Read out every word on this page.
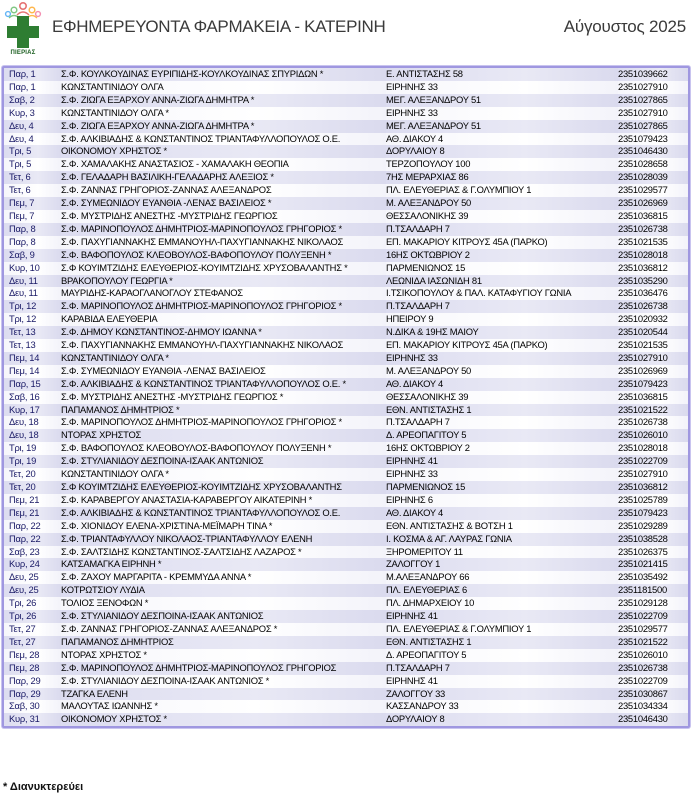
ΠΙΕΡΙΑΣ
ΕΦΗΜΕΡΕΥΟΝΤΑ ΦΑΡΜΑΚΕΙΑ - ΚΑΤΕΡΙΝΗ	Αύγουστος 2025
Παρ, 1	Σ.Φ. ΚΟΥΛΚΟΥΔΙΝΑΣ ΕΥΡΙΠΙΔΗΣ-ΚΟΥΛΚΟΥΔΙΝΑΣ ΣΠΥΡΙΔΩΝ *	Ε. ΑΝΤΙΣΤΑΣΗΣ 58	2351039662
Παρ, 1	ΚΩΝΣΤΑΝΤΙΝΙΔΟΥ ΟΛΓΑ	ΕΙΡΗΝΗΣ 33	2351027910
Σαβ, 2	Σ.Φ. ΖΙΩΓΑ ΕΞΑΡΧΟΥ ΑΝΝΑ-ΖΙΩΓΑ ΔΗΜΗΤΡΑ *	ΜΕΓ. ΑΛΕΞΑΝΔΡΟΥ 51	2351027865
Κυρ, 3	ΚΩΝΣΤΑΝΤΙΝΙΔΟΥ ΟΛΓΑ *	ΕΙΡΗΝΗΣ 33	2351027910
Δευ, 4	Σ.Φ. ΖΙΩΓΑ ΕΞΑΡΧΟΥ ΑΝΝΑ-ΖΙΩΓΑ ΔΗΜΗΤΡΑ *	ΜΕΓ. ΑΛΕΞΑΝΔΡΟΥ 51	2351027865
Δευ, 4	Σ.Φ. ΑΛΚΙΒΙΑΔΗΣ & ΚΩΝΣΤΑΝΤΙΝΟΣ ΤΡΙΑΝΤΑΦΥΛΛΟΠΟΥΛΟΣ Ο.Ε.	ΑΘ. ΔΙΑΚΟΥ 4	2351079423
Τρι, 5	ΟΙΚΟΝΟΜΟΥ ΧΡΗΣΤΟΣ *	ΔΟΡΥΛΑΙΟΥ 8	2351046430
Τρι, 5	Σ.Φ. ΧΑΜΑΛΑΚΗΣ ΑΝΑΣΤΑΣΙΟΣ - ΧΑΜΑΛΑΚΗ ΘΕΟΠΙΑ	ΤΕΡΖΟΠΟΥΛΟΥ 100	2351028658
Τετ, 6	Σ.Φ. ΓΕΛΑΔΑΡΗ ΒΑΣΙΛΙΚΗ-ΓΕΛΑΔΑΡΗΣ ΑΛΕΞΙΟΣ *	7ΗΣ ΜΕΡΑΡΧΙΑΣ 86	2351028039
Τετ, 6	Σ.Φ. ΖΑΝΝΑΣ ΓΡΗΓΟΡΙΟΣ-ΖΑΝΝΑΣ ΑΛΕΞΑΝΔΡΟΣ	ΠΛ. ΕΛΕΥΘΕΡΙΑΣ & Γ.ΟΛΥΜΠΙΟΥ 1	2351029577
Πεμ, 7	Σ.Φ. ΣΥΜΕΩΝΙΔΟΥ ΕΥΑΝΘΙΑ -ΛΕΝΑΣ ΒΑΣΙΛΕΙΟΣ *	Μ. ΑΛΕΞΑΝΔΡΟΥ 50	2351026969
Πεμ, 7	Σ.Φ. ΜΥΣΤΡΙΔΗΣ ΑΝΕΣΤΗΣ -ΜΥΣΤΡΙΔΗΣ ΓΕΩΡΓΙΟΣ	ΘΕΣΣΑΛΟΝΙΚΗΣ 39	2351036815
Παρ, 8	Σ.Φ. ΜΑΡΙΝΟΠΟΥΛΟΣ ΔΗΜΗΤΡΙΟΣ-ΜΑΡΙΝΟΠΟΥΛΟΣ ΓΡΗΓΟΡΙΟΣ *	Π.ΤΣΑΛΔΑΡΗ 7	2351026738
Παρ, 8	Σ.Φ. ΠΑΧΥΓΙΑΝΝΑΚΗΣ ΕΜΜΑΝΟΥΗΛ-ΠΑΧΥΓΙΑΝΝΑΚΗΣ ΝΙΚΟΛΑΟΣ	ΕΠ. ΜΑΚΑΡΙΟΥ ΚΙΤΡΟΥΣ 45Α (ΠΑΡΚΟ)	2351021535
Σαβ, 9	Σ.Φ. ΒΑΦΟΠΟΥΛΟΣ ΚΛΕΟΒΟΥΛΟΣ-ΒΑΦΟΠΟΥΛΟΥ ΠΟΛΥΞΕΝΗ *	16ΗΣ ΟΚΤΩΒΡΙΟΥ 2	2351028018
Κυρ, 10	Σ.Φ ΚΟΥΙΜΤΖΙΔΗΣ ΕΛΕΥΘΕΡΙΟΣ-ΚΟΥΙΜΤΖΙΔΗΣ ΧΡΥΣΟΒΑΛΑΝΤΗΣ *	ΠΑΡΜΕΝΙΩΝΟΣ 15	2351036812
Δευ, 11	ΒΡΑΚΟΠΟΥΛΟΥ ΓΕΩΡΓΙΑ *	ΛΕΩΝΙΔΑ ΙΑΣΩΝΙΔΗ 81	2351035290
Δευ, 11	ΜΑΥΡΙΔΗΣ-ΚΑΡΑΟΓΛΑΝΟΓΛΟΥ ΣΤΕΦΑΝΟΣ	Ι.ΤΣΙΚΟΠΟΥΛΟΥ & ΠΑΛ. ΚΑΤΑΦΥΓΙΟΥ ΓΩΝΙΑ	2351036476
Τρι, 12	Σ.Φ. ΜΑΡΙΝΟΠΟΥΛΟΣ ΔΗΜΗΤΡΙΟΣ-ΜΑΡΙΝΟΠΟΥΛΟΣ ΓΡΗΓΟΡΙΟΣ *	Π.ΤΣΑΛΔΑΡΗ 7	2351026738
Τρι, 12	ΚΑΡΑΒΙΔΑ ΕΛΕΥΘΕΡΙΑ	ΗΠΕΙΡΟΥ 9	2351020932
Τετ, 13	Σ.Φ. ΔΗΜΟΥ ΚΩΝΣΤΑΝΤΙΝΟΣ-ΔΗΜΟΥ ΙΩΑΝΝΑ *	Ν.ΔΙΚΑ & 19ΗΣ ΜΑΙΟΥ	2351020544
Τετ, 13	Σ.Φ. ΠΑΧΥΓΙΑΝΝΑΚΗΣ ΕΜΜΑΝΟΥΗΛ-ΠΑΧΥΓΙΑΝΝΑΚΗΣ ΝΙΚΟΛΑΟΣ	ΕΠ. ΜΑΚΑΡΙΟΥ ΚΙΤΡΟΥΣ 45Α (ΠΑΡΚΟ)	2351021535
Πεμ, 14	ΚΩΝΣΤΑΝΤΙΝΙΔΟΥ ΟΛΓΑ *	ΕΙΡΗΝΗΣ 33	2351027910
Πεμ, 14	Σ.Φ. ΣΥΜΕΩΝΙΔΟΥ ΕΥΑΝΘΙΑ -ΛΕΝΑΣ ΒΑΣΙΛΕΙΟΣ	Μ. ΑΛΕΞΑΝΔΡΟΥ 50	2351026969
Παρ, 15	Σ.Φ. ΑΛΚΙΒΙΑΔΗΣ & ΚΩΝΣΤΑΝΤΙΝΟΣ ΤΡΙΑΝΤΑΦΥΛΛΟΠΟΥΛΟΣ Ο.Ε. *	ΑΘ. ΔΙΑΚΟΥ 4	2351079423
Σαβ, 16	Σ.Φ. ΜΥΣΤΡΙΔΗΣ ΑΝΕΣΤΗΣ -ΜΥΣΤΡΙΔΗΣ ΓΕΩΡΓΙΟΣ *	ΘΕΣΣΑΛΟΝΙΚΗΣ 39	2351036815
Κυρ, 17	ΠΑΠΑΜΑΝΟΣ ΔΗΜΗΤΡΙΟΣ *	ΕΘΝ. ΑΝΤΙΣΤΑΣΗΣ 1	2351021522
Δευ, 18	Σ.Φ. ΜΑΡΙΝΟΠΟΥΛΟΣ ΔΗΜΗΤΡΙΟΣ-ΜΑΡΙΝΟΠΟΥΛΟΣ ΓΡΗΓΟΡΙΟΣ *	Π.ΤΣΑΛΔΑΡΗ 7	2351026738
Δευ, 18	ΝΤΟΡΑΣ ΧΡΗΣΤΟΣ	Δ. ΑΡΕΟΠΑΓΙΤΟΥ 5	2351026010
Τρι, 19	Σ.Φ. ΒΑΦΟΠΟΥΛΟΣ ΚΛΕΟΒΟΥΛΟΣ-ΒΑΦΟΠΟΥΛΟΥ ΠΟΛΥΞΕΝΗ *	16ΗΣ ΟΚΤΩΒΡΙΟΥ 2	2351028018
Τρι, 19	Σ.Φ. ΣΤΥΛΙΑΝΙΔΟΥ ΔΕΣΠΟΙΝΑ-ΙΣΑΑΚ ΑΝΤΩΝΙΟΣ	ΕΙΡΗΝΗΣ 41	2351022709
Τετ, 20	ΚΩΝΣΤΑΝΤΙΝΙΔΟΥ ΟΛΓΑ *	ΕΙΡΗΝΗΣ 33	2351027910
Τετ, 20	Σ.Φ ΚΟΥΙΜΤΖΙΔΗΣ ΕΛΕΥΘΕΡΙΟΣ-ΚΟΥΙΜΤΖΙΔΗΣ ΧΡΥΣΟΒΑΛΑΝΤΗΣ	ΠΑΡΜΕΝΙΩΝΟΣ 15	2351036812
Πεμ, 21	Σ.Φ. ΚΑΡΑΒΕΡΓΟΥ ΑΝΑΣΤΑΣΙΑ-ΚΑΡΑΒΕΡΓΟΥ ΑΙΚΑΤΕΡΙΝΗ *	ΕΙΡΗΝΗΣ 6	2351025789
Πεμ, 21	Σ.Φ. ΑΛΚΙΒΙΑΔΗΣ & ΚΩΝΣΤΑΝΤΙΝΟΣ ΤΡΙΑΝΤΑΦΥΛΛΟΠΟΥΛΟΣ Ο.Ε.	ΑΘ. ΔΙΑΚΟΥ 4	2351079423
Παρ, 22	Σ.Φ. ΧΙΟΝΙΔΟΥ ΕΛΕΝΑ-ΧΡΙΣΤΙΝΑ-ΜΕΪΜΑΡΗ ΤΙΝΑ *	ΕΘΝ. ΑΝΤΙΣΤΑΣΗΣ & ΒΟΤΣΗ 1	2351029289
Παρ, 22	Σ.Φ. ΤΡΙΑΝΤΑΦΥΛΛΟΥ ΝΙΚΟΛΑΟΣ-ΤΡΙΑΝΤΑΦΥΛΛΟΥ ΕΛΕΝΗ	Ι. ΚΟΣΜΑ & ΑΓ. ΛΑΥΡΑΣ ΓΩΝΙΑ	2351038528
Σαβ, 23	Σ.Φ. ΣΑΛΤΣΙΔΗΣ ΚΩΝΣΤΑΝΤΙΝΟΣ-ΣΑΛΤΣΙΔΗΣ ΛΑΖΑΡΟΣ *	ΞΗΡΟΜΕΡΙΤΟΥ 11	2351026375
Κυρ, 24	ΚΑΤΣΑΜΑΓΚΑ ΕΙΡΗΝΗ *	ΖΑΛΟΓΓΟΥ 1	2351021415
Δευ, 25	Σ.Φ. ΖΑΧΟΥ ΜΑΡΓΑΡΙΤΑ - ΚΡΕΜΜΥΔΑ ΑΝΝΑ *	Μ.ΑΛΕΞΑΝΔΡΟΥ 66	2351035492
Δευ, 25	ΚΟΤΡΩΤΣΙΟΥ ΛΥΔΙΑ	ΠΛ. ΕΛΕΥΘΕΡΙΑΣ 6	2351181500
Τρι, 26	ΤΟΛΙΟΣ ΞΕΝΟΦΩΝ *	ΠΛ. ΔΗΜΑΡΧΕΙΟΥ 10	2351029128
Τρι, 26	Σ.Φ. ΣΤΥΛΙΑΝΙΔΟΥ ΔΕΣΠΟΙΝΑ-ΙΣΑΑΚ ΑΝΤΩΝΙΟΣ	ΕΙΡΗΝΗΣ 41	2351022709
Τετ, 27	Σ.Φ. ΖΑΝΝΑΣ ΓΡΗΓΟΡΙΟΣ-ΖΑΝΝΑΣ ΑΛΕΞΑΝΔΡΟΣ *	ΠΛ. ΕΛΕΥΘΕΡΙΑΣ & Γ.ΟΛΥΜΠΙΟΥ 1	2351029577
Τετ, 27	ΠΑΠΑΜΑΝΟΣ ΔΗΜΗΤΡΙΟΣ	ΕΘΝ. ΑΝΤΙΣΤΑΣΗΣ 1	2351021522
Πεμ, 28	ΝΤΟΡΑΣ ΧΡΗΣΤΟΣ *	Δ. ΑΡΕΟΠΑΓΙΤΟΥ 5	2351026010
Πεμ, 28	Σ.Φ. ΜΑΡΙΝΟΠΟΥΛΟΣ ΔΗΜΗΤΡΙΟΣ-ΜΑΡΙΝΟΠΟΥΛΟΣ ΓΡΗΓΟΡΙΟΣ	Π.ΤΣΑΛΔΑΡΗ 7	2351026738
Παρ, 29	Σ.Φ. ΣΤΥΛΙΑΝΙΔΟΥ ΔΕΣΠΟΙΝΑ-ΙΣΑΑΚ ΑΝΤΩΝΙΟΣ *	ΕΙΡΗΝΗΣ 41	2351022709
Παρ, 29	ΤΖΑΓΚΑ ΕΛΕΝΗ	ΖΑΛΟΓΓΟΥ 33	2351030867
Σαβ, 30	ΜΑΛΟΥΤΑΣ ΙΩΑΝΝΗΣ *	ΚΑΣΣΑΝΔΡΟΥ 33	2351034334
Κυρ, 31	ΟΙΚΟΝΟΜΟΥ ΧΡΗΣΤΟΣ *	ΔΟΡΥΛΑΙΟΥ 8	2351046430
* Διανυκτερεύει
